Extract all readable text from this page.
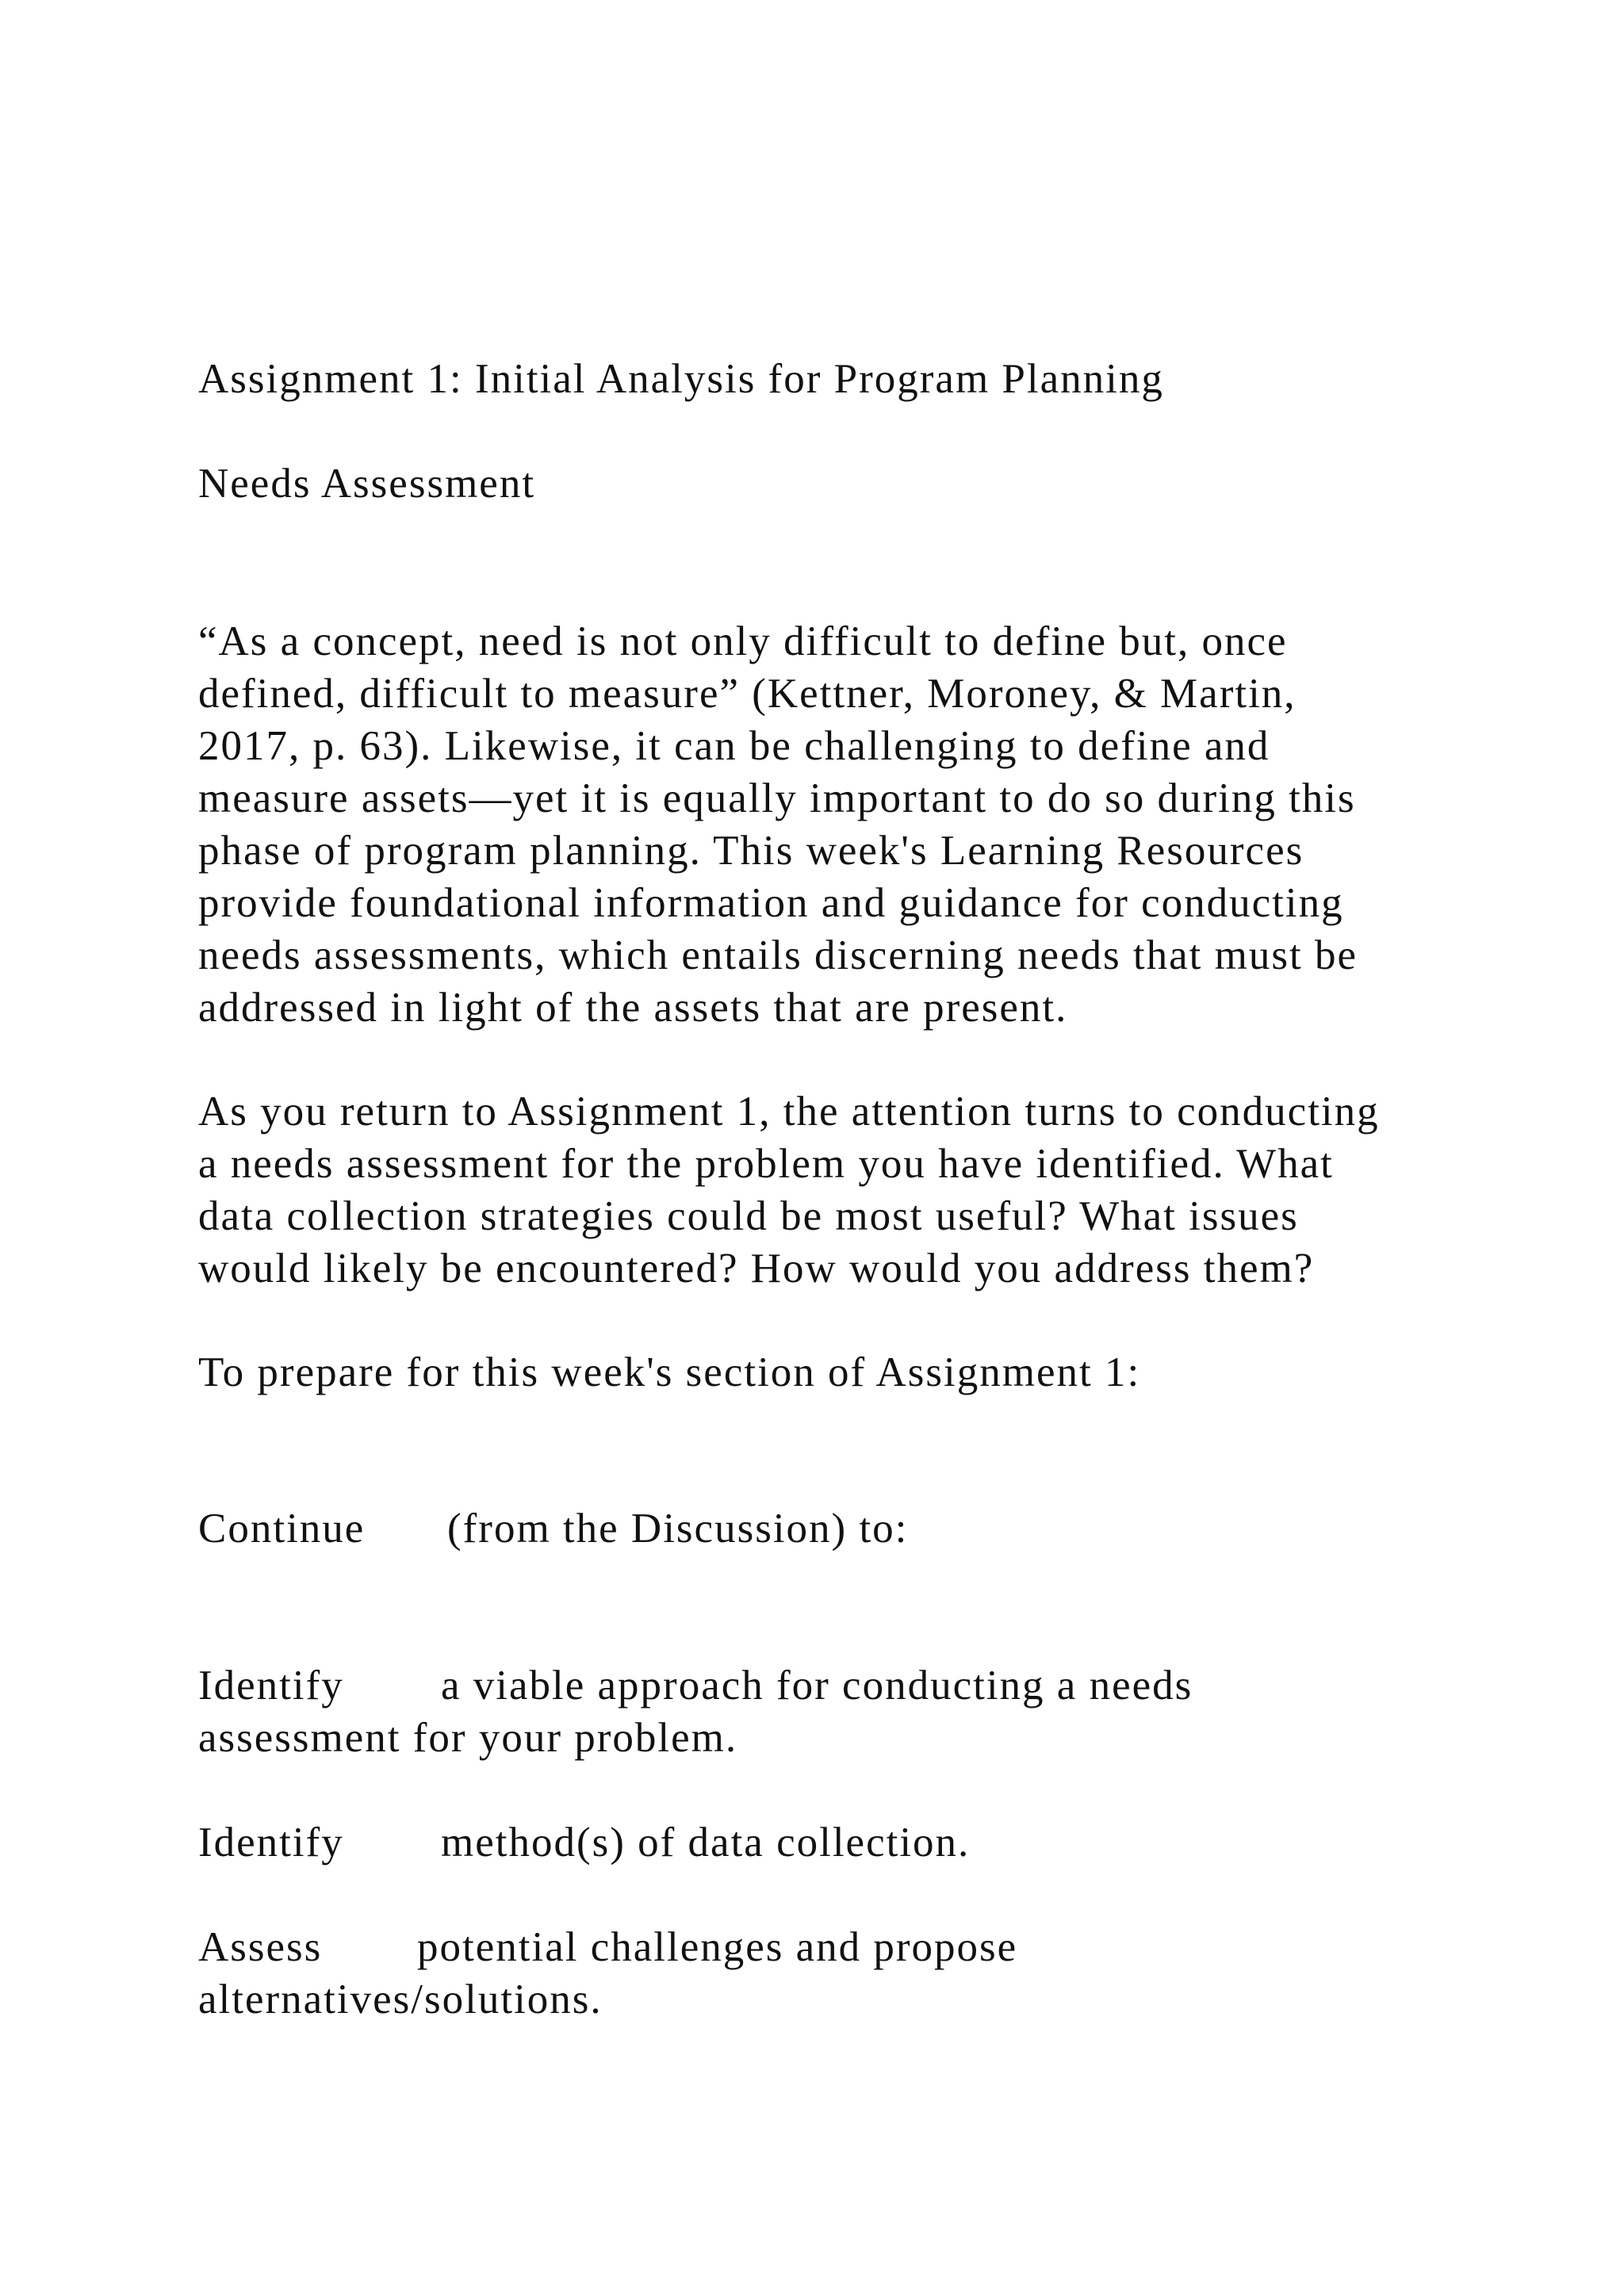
Assignment 1: Initial Analysis for Program Planning
Needs Assessment
“As a concept, need is not only difficult to define but, once
defined, difficult to measure” (Kettner, Moroney, & Martin,
2017, p. 63). Likewise, it can be challenging to define and
measure assets—yet it is equally important to do so during this
phase of program planning. This week's Learning Resources
provide foundational information and guidance for conducting
needs assessments, which entails discerning needs that must be
addressed in light of the assets that are present.
As you return to Assignment 1, the attention turns to conducting
a needs assessment for the problem you have identified. What
data collection strategies could be most useful? What issues
would likely be encountered? How would you address them?
To prepare for this week's section of Assignment 1:
Continue (from the Discussion) to:
Identify a viable approach for conducting a needs
assessment for your problem.
Identify method(s) of data collection.
Assess potential challenges and propose
alternatives/solutions.
